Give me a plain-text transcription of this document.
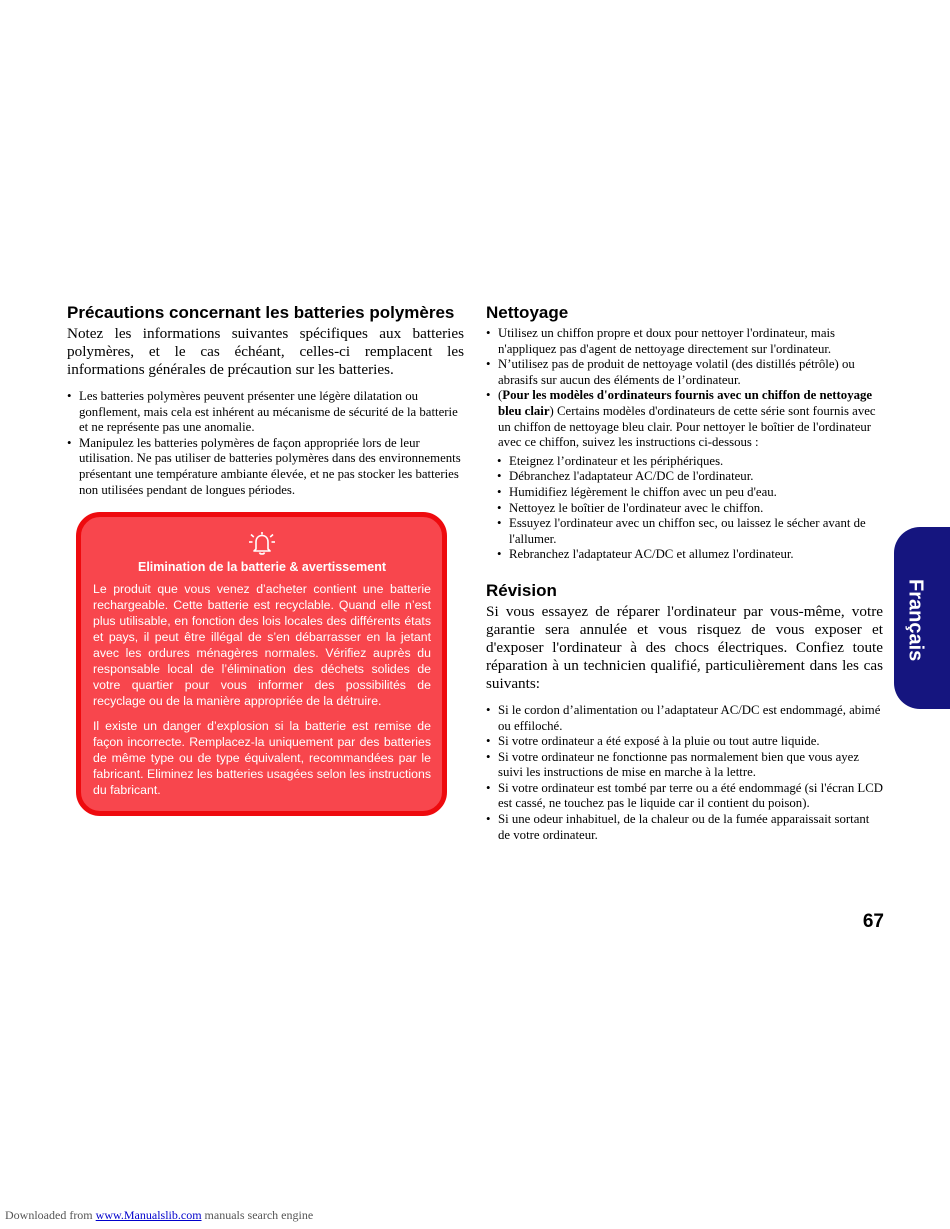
Précautions concernant les batteries polymères

Notez les informations suivantes spécifiques aux batteries polymères, et le cas échéant, celles-ci remplacent les informations générales de précaution sur les batteries.

• Les batteries polymères peuvent présenter une légère dilatation ou gonflement, mais cela est inhérent au mécanisme de sécurité de la batterie et ne représente pas une anomalie.
• Manipulez les batteries polymères de façon appropriée lors de leur utilisation. Ne pas utiliser de batteries polymères dans des environnements présentant une température ambiante élevée, et ne pas stocker les batteries non utilisées pendant de longues périodes.
Elimination de la batterie & avertissement

Le produit que vous venez d’acheter contient une batterie rechargeable. Cette batterie est recyclable. Quand elle n’est plus utilisable, en fonction des lois locales des différents états et pays, il peut être illégal de s’en débarrasser en la jetant avec les ordures ménagères normales. Vérifiez auprès du responsable local de l’élimination des déchets solides de votre quartier pour vous informer des possibilités de recyclage ou de la manière appropriée de la détruire.

Il existe un danger d’explosion si la batterie est remise de façon incorrecte. Remplacez-la uniquement par des batteries de même type ou de type équivalent, recommandées par le fabricant. Eliminez les batteries usagées selon les instructions du fabricant.

Nettoyage
• Utilisez un chiffon propre et doux pour nettoyer l'ordinateur, mais n'appliquez pas d'agent de nettoyage directement sur l'ordinateur.
• N’utilisez pas de produit de nettoyage volatil (des distillés pétrôle) ou abrasifs sur aucun des éléments de l’ordinateur.
• (Pour les modèles d'ordinateurs fournis avec un chiffon de nettoyage bleu clair) Certains modèles d'ordinateurs de cette série sont fournis avec un chiffon de nettoyage bleu clair. Pour nettoyer le boîtier de l'ordinateur avec ce chiffon, suivez les instructions ci-dessous :
• Eteignez l’ordinateur et les périphériques.
• Débranchez l'adaptateur AC/DC de l'ordinateur.
• Humidifiez légèrement le chiffon avec un peu d'eau.
• Nettoyez le boîtier de l'ordinateur avec le chiffon.
• Essuyez l'ordinateur avec un chiffon sec, ou laissez le sécher avant de l'allumer.
• Rebranchez l'adaptateur AC/DC et allumez l'ordinateur.
Révision

Si vous essayez de réparer l'ordinateur par vous-même, votre garantie sera annulée et vous risquez de vous exposer et d'exposer l'ordinateur à des chocs électriques. Confiez toute réparation à un technicien qualifié, particulièrement dans les cas suivants:

• Si le cordon d’alimentation ou l’adaptateur AC/DC est endommagé, abimé ou effiloché.
• Si votre ordinateur a été exposé à la pluie ou tout autre liquide.
• Si votre ordinateur ne fonctionne pas normalement bien que vous ayez suivi les instructions de mise en marche à la lettre.
• Si votre ordinateur est tombé par terre ou a été endommagé (si l'écran LCD est cassé, ne touchez pas le liquide car il contient du poison).
• Si une odeur inhabituel, de la chaleur ou de la fumée apparaissait sortant de votre ordinateur.
Français
67
Downloaded from www.Manualslib.com manuals search engine
